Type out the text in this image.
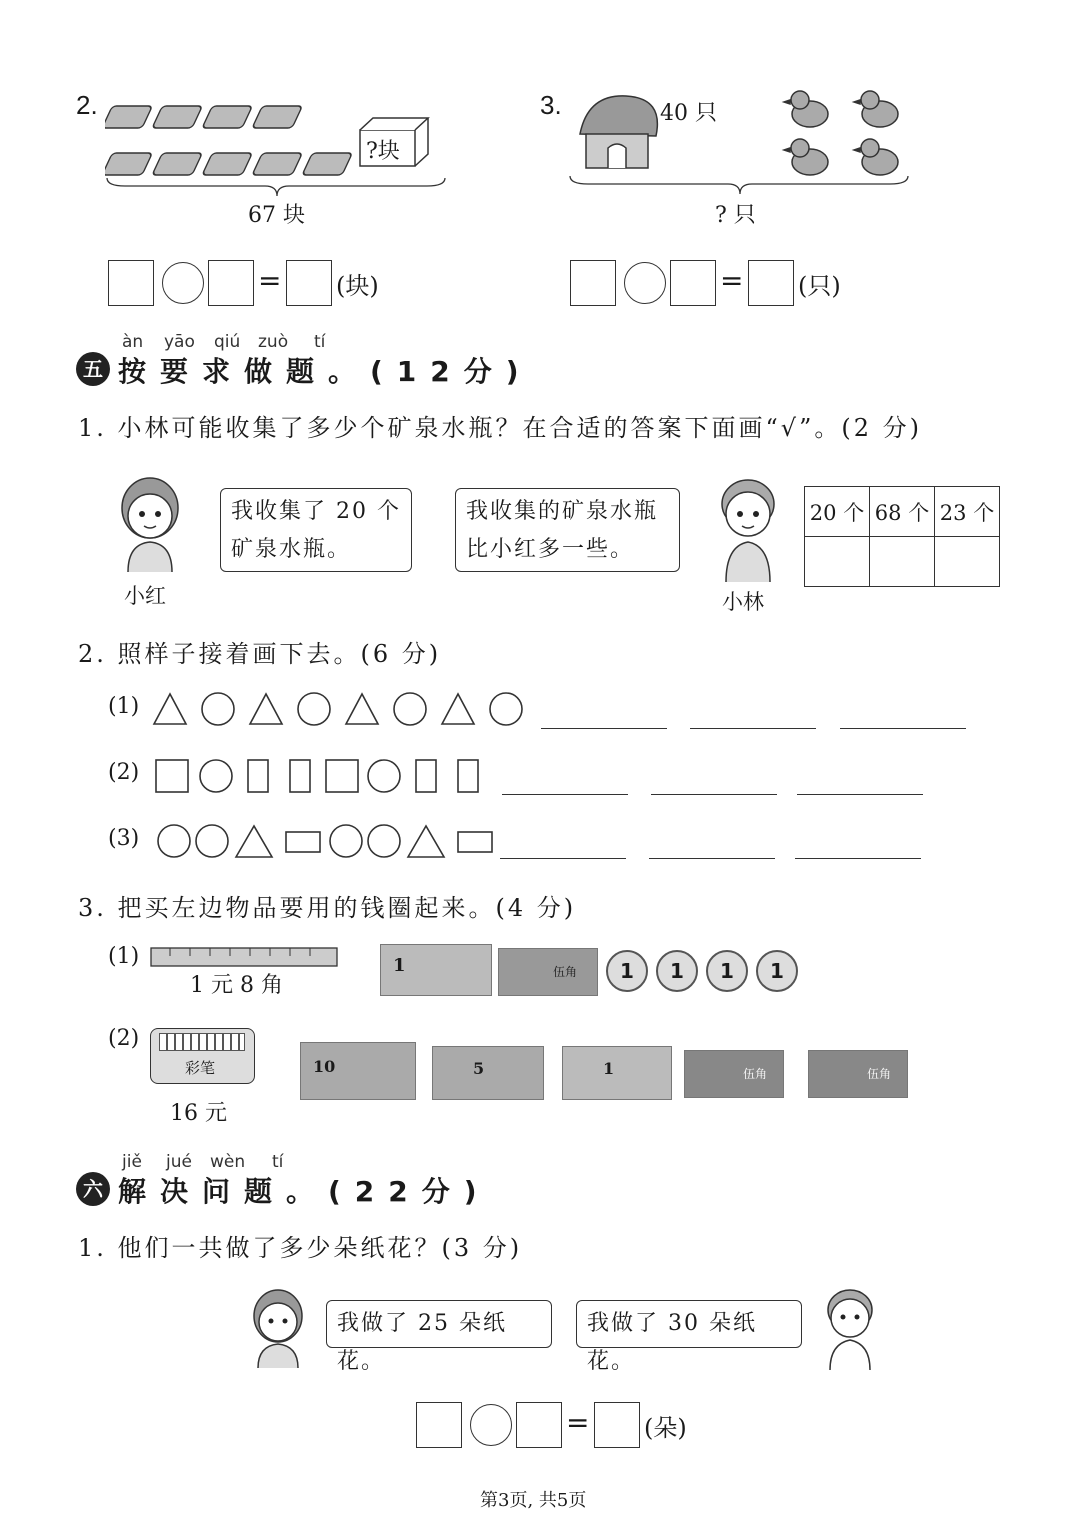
2.
?块
67 块
= (块)
3.	40 只
? 只
= (只)
àn yāo qiú zuò tí
五 按要求做题。(12分)
1. 小林可能收集了多少个矿泉水瓶？在合适的答案下面画“√”。(2 分)
小红
我收集了 20 个
矿泉水瓶。
我收集的矿泉水瓶
比小红多一些。
小林
20 个	68 个	23 个

2. 照样子接着画下去。(6 分)
(1)
(2)
(3)
3. 把买左边物品要用的钱圈起来。(4 分)
(1)
1 元 8 角
1	伍角	1	1	1	1
(2)
彩笔
16 元
10	5	1	伍角	伍角
jiě jué wèn tí
六 解决问题。(22分)
1. 他们一共做了多少朵纸花？(3 分)
我做了 25 朵纸花。
我做了 30 朵纸花。
= (朵)
第3页, 共5页
